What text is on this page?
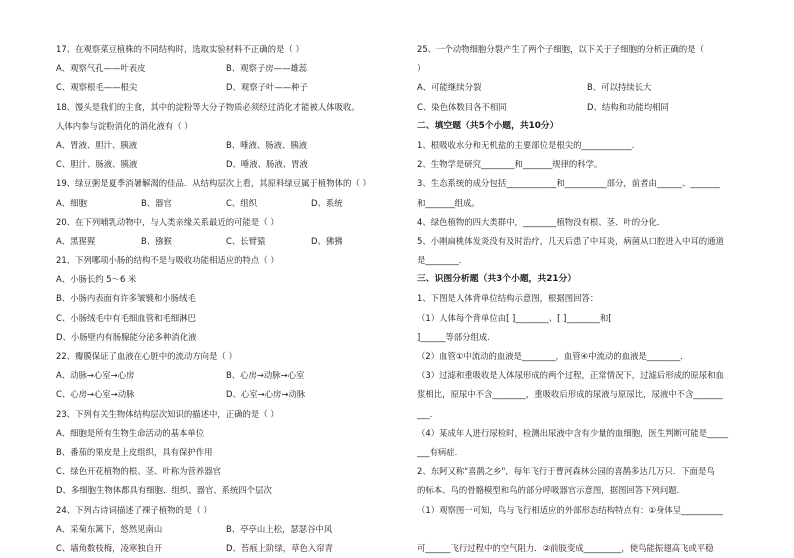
17、在观察菜豆植株的不同结构时，选取实验材料不正确的是（ ）
A、观察气孔——叶表皮	B、观察子房——雄蕊
C、观察根毛——根尖	D、观察子叶——种子
18、馒头是我们的主食，其中的淀粉等大分子物质必须经过消化才能被人体吸收。
人体内参与淀粉消化的消化液有（ ）
A、胃液、胆汁、胰液	B、唾液、肠液、胰液
C、胆汁、肠液、胰液	D、唾液、肠液、胃液
19、绿豆粥是夏季消暑解渴的佳品．从结构层次上看，其原料绿豆属于植物体的（ ）
A、细胞	B、器官	C、组织	D、系统
20、在下列哺乳动物中，与人类亲缘关系最近的可能是（ ）
A、黑猩猩	B、猕猴	C、长臂猿	D、狒狒
21、下列哪项小肠的结构不是与吸收功能相适应的特点（ ）
A、小肠长约 5～6 米
B、小肠内表面有许多皱襞和小肠绒毛
C、小肠绒毛中有毛细血管和毛细淋巴
D、小肠壁内有肠腺能分泌多种消化液
22、瓣膜保证了血液在心脏中的流动方向是（ ）
A、动脉→心室→心房	B、心房→动脉→心室
C、心房→心室→动脉	D、心室→心房→动脉
23、下列有关生物体结构层次知识的描述中，正确的是（ ）
A、细胞是所有生物生命活动的基本单位
B、番茄的果皮是上皮组织，具有保护作用
C、绿色开花植物的根、茎、叶称为营养器官
D、多细胞生物体都具有细胞、组织、器官、系统四个层次
24、下列古诗词描述了裸子植物的是（ ）
A、采菊东篱下，悠然见南山	B、亭亭山上松，瑟瑟谷中风
C、墙角数枝梅，凌寒独自开	D、苔痕上阶绿，草色入帘青
25、一个动物细胞分裂产生了两个子细胞，以下关于子细胞的分析正确的是（
）
A、可能继续分裂	B、可以持续长大
C、染色体数目各不相同	D、结构和功能均相同
二、填空题（共5个小题，共10分）
1、根吸收水分和无机盐的主要部位是根尖的____________．
2、生物学是研究________和_______规律的科学。
3、生态系统的成分包括____________和__________部分，前者由______、_______
和_______组成。
4、绿色植物的四大类群中，________植物没有根、茎、叶的分化．
5、小刚扁桃体发炎没有及时治疗，几天后患了中耳炎，病菌从口腔进入中耳的通道
是________．
三、识图分析题（共3个小题，共21分）
1、下图是人体背单位结构示意图，根据图回答：
（1）人体每个背单位由[ ]________、[ ]________和[
]______等部分组成．
（2）血管①中流动的血液是________，血管④中流动的血液是________．
（3）过滤和重吸收是人体尿形成的两个过程，正常情况下，过滤后形成的原尿和血
浆相比，原尿中不含________，重吸收后形成的尿液与原尿比，尿液中不含_______
___．
（4）某成年人进行尿检时，检测出尿液中含有少量的血细胞，医生判断可能是_____
___有病症．
2、东阿又称"喜鹊之乡"，每年飞行于曹河森林公园的喜鹊多达几万只．下面是鸟
的标本、鸟的骨骼模型和鸟的部分呼吸器官示意图，据图回答下列问题．
（1）观察图一可知，鸟与飞行相适应的外部形态结构特点有：①身体呈__________
可______飞行过程中的空气阻力．②前肢变成_________，使鸟能振翅高飞或平稳
